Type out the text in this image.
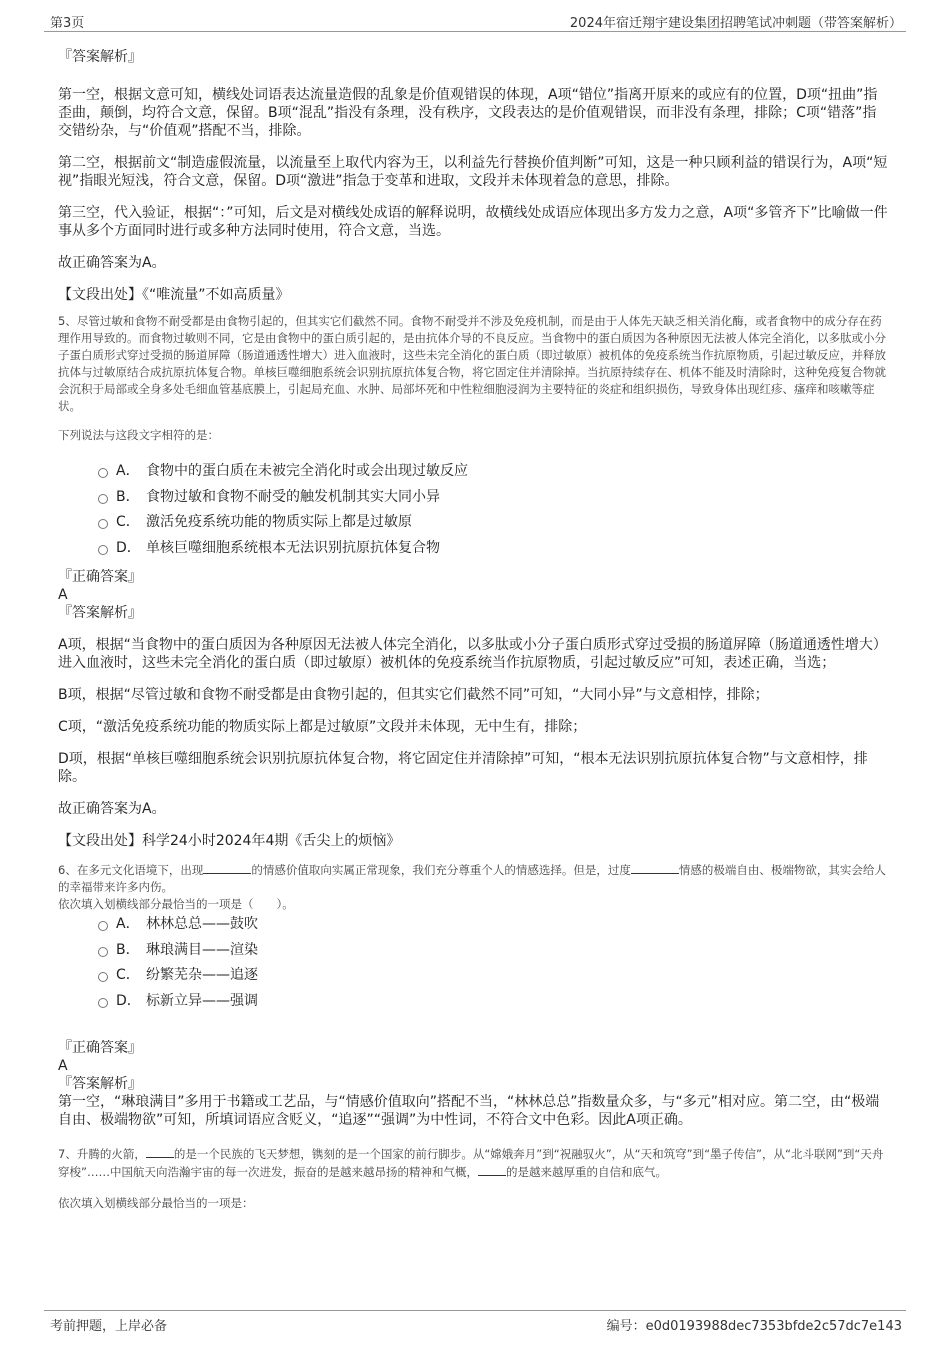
第3页	2024年宿迁翔宇建设集团招聘笔试冲刺题（带答案解析）

『答案解析』

第一空，根据文意可知，横线处词语表达流量造假的乱象是价值观错误的体现，A项“错位”指离开原来的或应有的位置，D项“扭曲”指歪曲，颠倒，均符合文意，保留。B项“混乱”指没有条理，没有秩序，文段表达的是价值观错误，而非没有条理，排除；C项“错落”指交错纷杂，与“价值观”搭配不当，排除。

第二空，根据前文“制造虚假流量，以流量至上取代内容为王，以利益先行替换价值判断”可知，这是一种只顾利益的错误行为，A项“短视”指眼光短浅，符合文意，保留。D项“激进”指急于变革和进取，文段并未体现着急的意思，排除。

第三空，代入验证，根据“：”可知，后文是对横线处成语的解释说明，故横线处成语应体现出多方发力之意，A项“多管齐下”比喻做一件事从多个方面同时进行或多种方法同时使用，符合文意，当选。

故正确答案为A。

【文段出处】《“唯流量”不如高质量》

5、尽管过敏和食物不耐受都是由食物引起的，但其实它们截然不同。食物不耐受并不涉及免疫机制，而是由于人体先天缺乏相关消化酶，或者食物中的成分存在药理作用导致的。而食物过敏则不同，它是由食物中的蛋白质引起的，是由抗体介导的不良反应。当食物中的蛋白质因为各种原因无法被人体完全消化，以多肽或小分子蛋白质形式穿过受损的肠道屏障（肠道通透性增大）进入血液时，这些未完全消化的蛋白质（即过敏原）被机体的免疫系统当作抗原物质，引起过敏反应，并释放抗体与过敏原结合成抗原抗体复合物。单核巨噬细胞系统会识别抗原抗体复合物，将它固定住并清除掉。当抗原持续存在、机体不能及时清除时，这种免疫复合物就会沉积于局部或全身多处毛细血管基底膜上，引起局充血、水肿、局部坏死和中性粒细胞浸润为主要特征的炎症和组织损伤，导致身体出现红疹、瘙痒和咳嗽等症状。

下列说法与这段文字相符的是：

A． 食物中的蛋白质在未被完全消化时或会出现过敏反应
B． 食物过敏和食物不耐受的触发机制其实大同小异
C． 激活免疫系统功能的物质实际上都是过敏原
D． 单核巨噬细胞系统根本无法识别抗原抗体复合物

『正确答案』

A

『答案解析』

A项，根据“当食物中的蛋白质因为各种原因无法被人体完全消化，以多肽或小分子蛋白质形式穿过受损的肠道屏障（肠道通透性增大）进入血液时，这些未完全消化的蛋白质（即过敏原）被机体的免疫系统当作抗原物质，引起过敏反应”可知，表述正确，当选；

B项，根据“尽管过敏和食物不耐受都是由食物引起的，但其实它们截然不同”可知，“大同小异”与文意相悖，排除；

C项，“激活免疫系统功能的物质实际上都是过敏原”文段并未体现，无中生有，排除；

D项，根据“单核巨噬细胞系统会识别抗原抗体复合物，将它固定住并清除掉”可知，“根本无法识别抗原抗体复合物”与文意相悖，排除。

故正确答案为A。

【文段出处】科学24小时2024年4期《舌尖上的烦恼》

6、在多元文化语境下，出现	的情感价值取向实属正常现象，我们充分尊重个人的情感选择。但是，过度	情感的极端自由、极端物欲，其实会给人的幸福带来许多内伤。

依次填入划横线部分最恰当的一项是（　　）。

A． 林林总总——鼓吹
B． 琳琅满目——渲染
C． 纷繁芜杂——追逐
D． 标新立异——强调

『正确答案』

A

『答案解析』

第一空，“琳琅满目”多用于书籍或工艺品，与“情感价值取向”搭配不当，“林林总总”指数量众多，与“多元”相对应。第二空，由“极端自由、极端物欲”可知，所填词语应含贬义，“追逐”“强调”为中性词，不符合文中色彩。因此A项正确。

7、升腾的火箭， 的是一个民族的飞天梦想，镌刻的是一个国家的前行脚步。从“嫦娥奔月”到“祝融驭火”，从“天和筑穹”到“墨子传信”，从“北斗联网”到“天舟穿梭”……中国航天向浩瀚宇宙的每一次进发，振奋的是越来越昂扬的精神和气概， 的是越来越厚重的自信和底气。

依次填入划横线部分最恰当的一项是：

考前押题，上岸必备	编号：e0d0193988dec7353bfde2c57dc7e143
